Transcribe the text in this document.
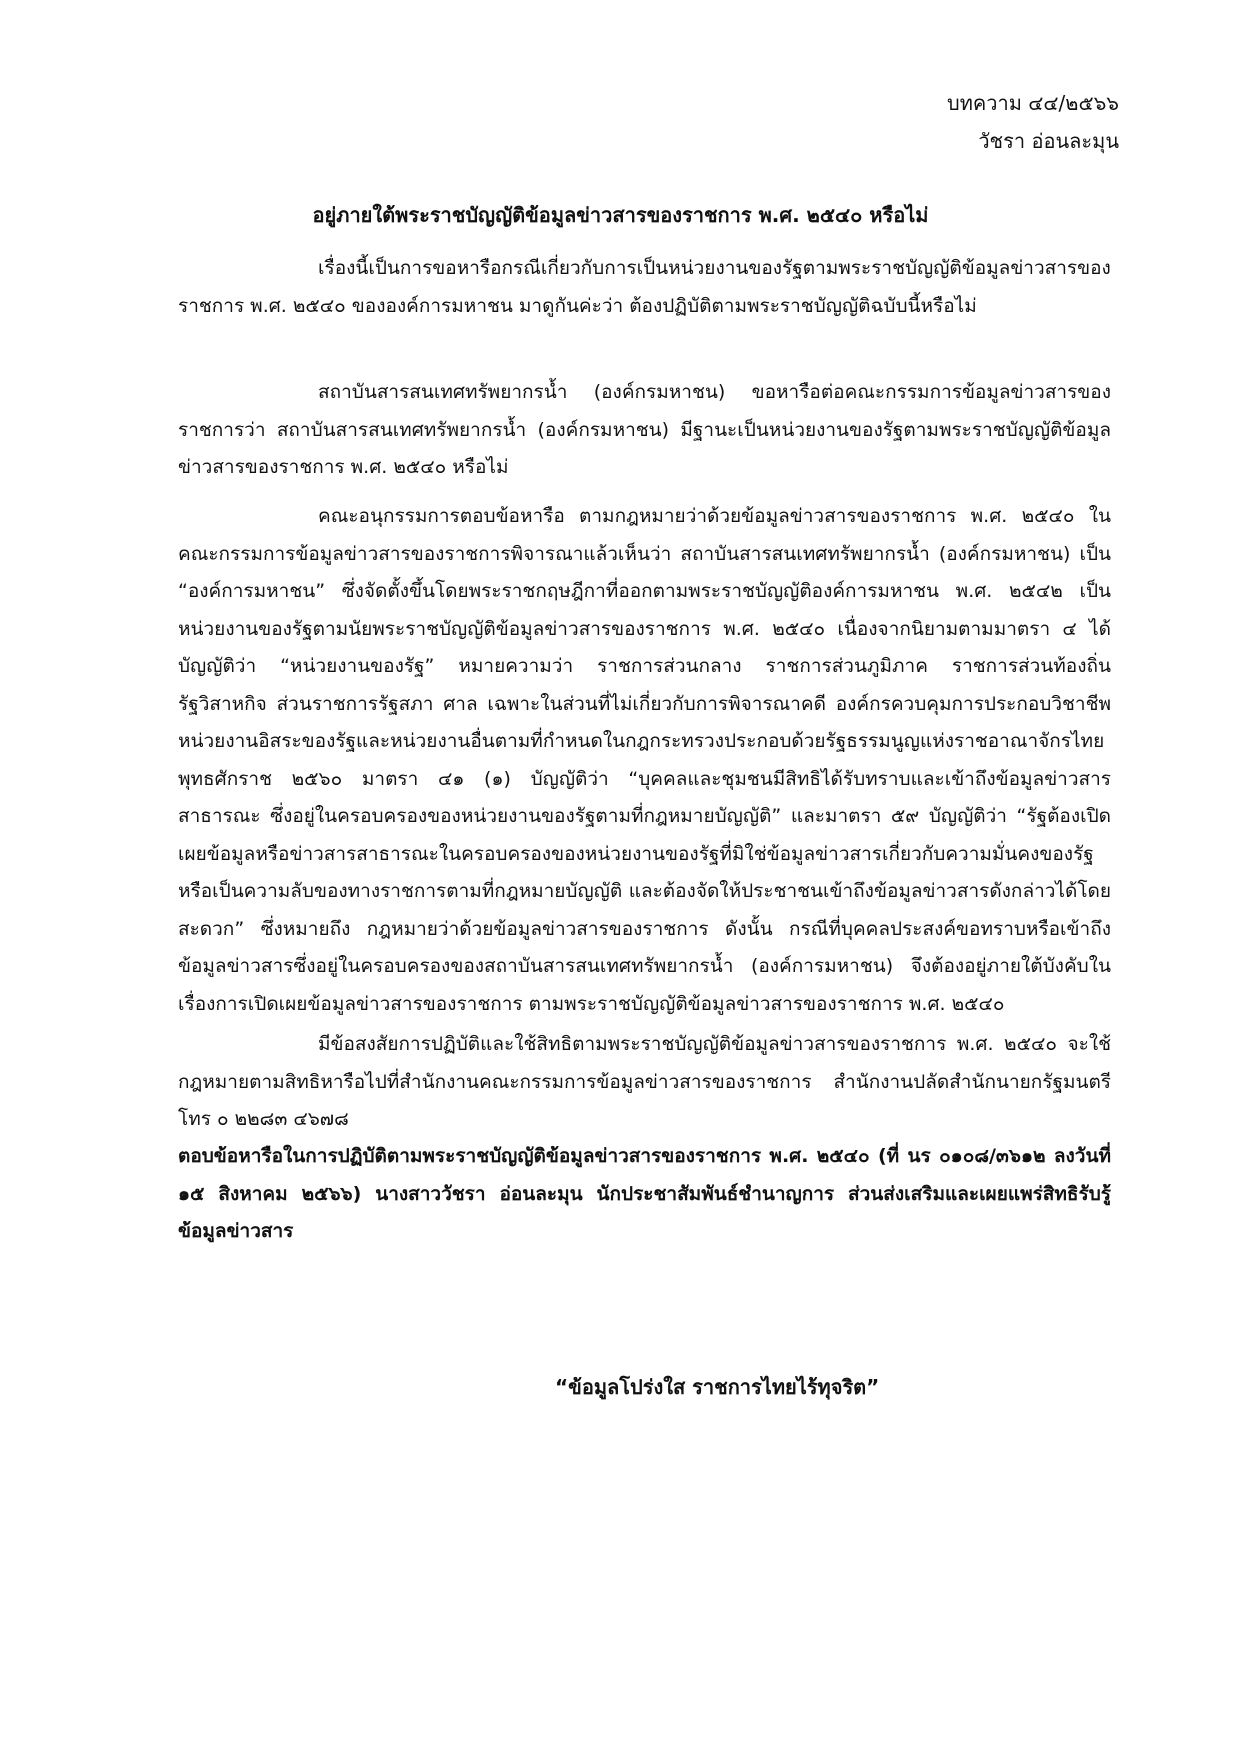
บทความ ๔๔/๒๕๖๖
วัชรา อ่อนละมุน
อยู่ภายใต้พระราชบัญญัติข้อมูลข่าวสารของราชการ พ.ศ. ๒๕๔๐ หรือไม่

เรื่องนี้เป็นการขอหารือกรณีเกี่ยวกับการเป็นหน่วยงานของรัฐตามพระราชบัญญัติข้อมูลข่าวสารของราชการ พ.ศ. ๒๕๔๐ ขององค์การมหาชน มาดูกันค่ะว่า ต้องปฏิบัติตามพระราชบัญญัติฉบับนี้หรือไม่

สถาบันสารสนเทศทรัพยากรน้ำ (องค์กรมหาชน) ขอหารือต่อคณะกรรมการข้อมูลข่าวสารของราชการว่า สถาบันสารสนเทศทรัพยากรน้ำ (องค์กรมหาชน) มีฐานะเป็นหน่วยงานของรัฐตามพระราชบัญญัติข้อมูลข่าวสารของราชการ พ.ศ. ๒๕๔๐ หรือไม่

คณะอนุกรรมการตอบข้อหารือ ตามกฎหมายว่าด้วยข้อมูลข่าวสารของราชการ พ.ศ. ๒๕๔๐ ในคณะกรรมการข้อมูลข่าวสารของราชการพิจารณาแล้วเห็นว่า สถาบันสารสนเทศทรัพยากรน้ำ (องค์กรมหาชน) เป็น “องค์การมหาชน” ซึ่งจัดตั้งขึ้นโดยพระราชกฤษฎีกาที่ออกตามพระราชบัญญัติองค์การมหาชน พ.ศ. ๒๕๔๒ เป็นหน่วยงานของรัฐตามนัยพระราชบัญญัติข้อมูลข่าวสารของราชการ พ.ศ. ๒๕๔๐ เนื่องจากนิยามตามมาตรา ๔ ได้บัญญัติว่า “หน่วยงานของรัฐ” หมายความว่า ราชการส่วนกลาง ราชการส่วนภูมิภาค ราชการส่วนท้องถิ่น รัฐวิสาหกิจ ส่วนราชการรัฐสภา ศาล เฉพาะในส่วนที่ไม่เกี่ยวกับการพิจารณาคดี องค์กรควบคุมการประกอบวิชาชีพ หน่วยงานอิสระของรัฐและหน่วยงานอื่นตามที่กำหนดในกฎกระทรวงประกอบด้วยรัฐธรรมนูญแห่งราชอาณาจักรไทย พุทธศักราช ๒๕๖๐ มาตรา ๔๑ (๑) บัญญัติว่า “บุคคลและชุมชนมีสิทธิได้รับทราบและเข้าถึงข้อมูลข่าวสารสาธารณะ ซึ่งอยู่ในครอบครองของหน่วยงานของรัฐตามที่กฎหมายบัญญัติ” และมาตรา ๕๙ บัญญัติว่า “รัฐต้องเปิดเผยข้อมูลหรือข่าวสารสาธารณะในครอบครองของหน่วยงานของรัฐที่มิใช่ข้อมูลข่าวสารเกี่ยวกับความมั่นคงของรัฐหรือเป็นความลับของทางราชการตามที่กฎหมายบัญญัติ และต้องจัดให้ประชาชนเข้าถึงข้อมูลข่าวสารดังกล่าวได้โดยสะดวก” ซึ่งหมายถึง กฎหมายว่าด้วยข้อมูลข่าวสารของราชการ ดังนั้น กรณีที่บุคคลประสงค์ขอทราบหรือเข้าถึงข้อมูลข่าวสารซึ่งอยู่ในครอบครองของสถาบันสารสนเทศทรัพยากรน้ำ (องค์การมหาชน) จึงต้องอยู่ภายใต้บังคับในเรื่องการเปิดเผยข้อมูลข่าวสารของราชการ ตามพระราชบัญญัติข้อมูลข่าวสารของราชการ พ.ศ. ๒๕๔๐

มีข้อสงสัยการปฏิบัติและใช้สิทธิตามพระราชบัญญัติข้อมูลข่าวสารของราชการ พ.ศ. ๒๕๔๐ จะใช้กฎหมายตามสิทธิหารือไปที่สำนักงานคณะกรรมการข้อมูลข่าวสารของราชการ สำนักงานปลัดสำนักนายกรัฐมนตรี โทร ๐ ๒๒๘๓ ๔๖๗๘

ตอบข้อหารือในการปฏิบัติตามพระราชบัญญัติข้อมูลข่าวสารของราชการ พ.ศ. ๒๕๔๐ (ที่ นร ๐๑๐๘/๓๖๑๒ ลงวันที่ ๑๕ สิงหาคม ๒๕๖๖) นางสาววัชรา อ่อนละมุน นักประชาสัมพันธ์ชำนาญการ ส่วนส่งเสริมและเผยแพร่สิทธิรับรู้ข้อมูลข่าวสาร

“ข้อมูลโปร่งใส ราชการไทยไร้ทุจริต”
